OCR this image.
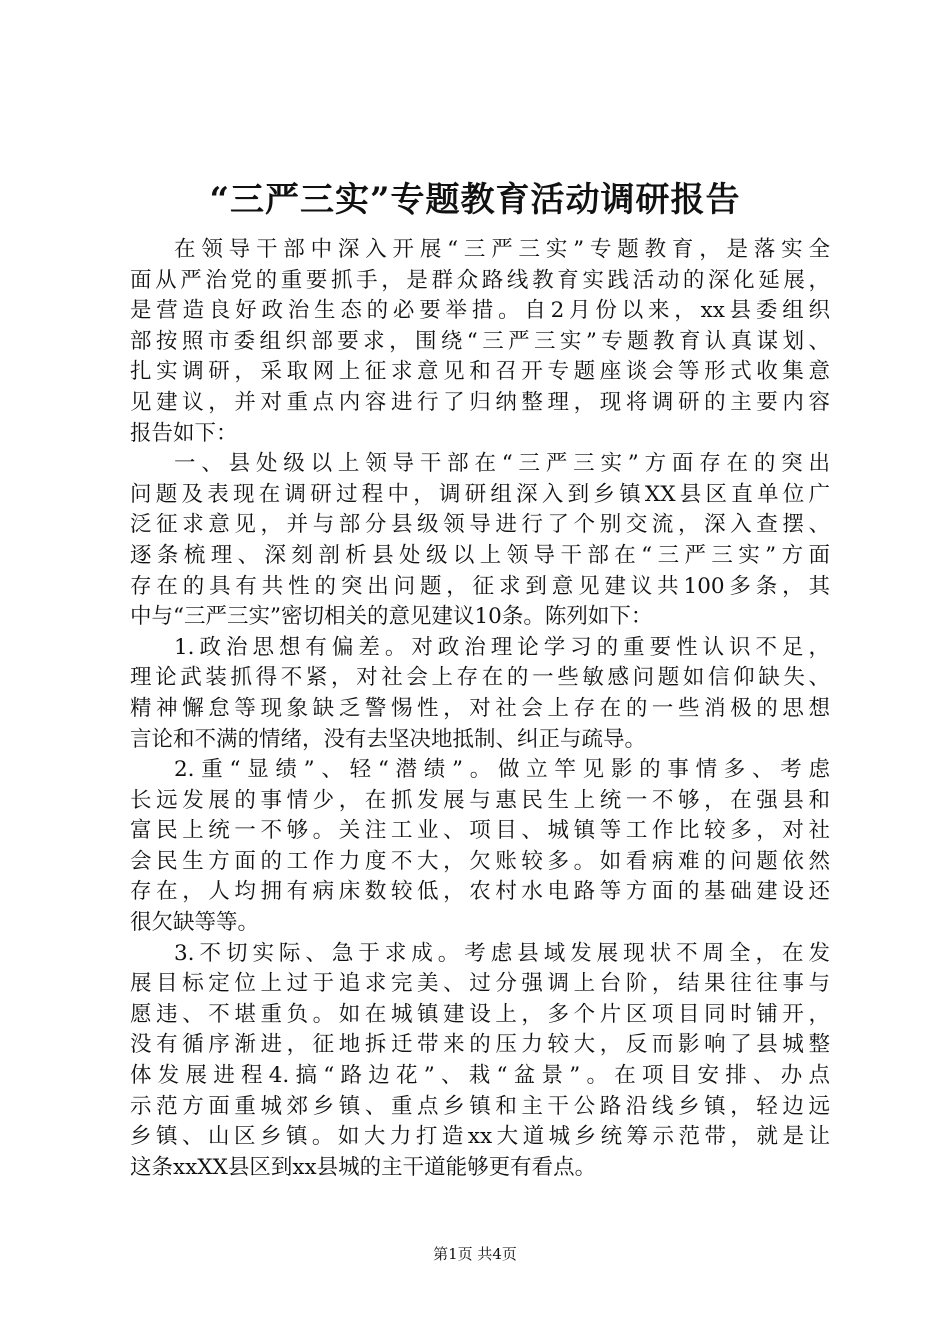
“三严三实”专题教育活动调研报告
在领导干部中深入开展“三严三实”专题教育，是落实全
面从严治党的重要抓手，是群众路线教育实践活动的深化延展，
是营造良好政治生态的必要举措。自2月份以来，xx县委组织
部按照市委组织部要求，围绕“三严三实”专题教育认真谋划、
扎实调研，采取网上征求意见和召开专题座谈会等形式收集意
见建议，并对重点内容进行了归纳整理，现将调研的主要内容
报告如下：
一、县处级以上领导干部在“三严三实”方面存在的突出
问题及表现在调研过程中，调研组深入到乡镇XX县区直单位广
泛征求意见，并与部分县级领导进行了个别交流，深入查摆、
逐条梳理、深刻剖析县处级以上领导干部在“三严三实”方面
存在的具有共性的突出问题，征求到意见建议共100多条，其
中与“三严三实”密切相关的意见建议10条。陈列如下：
1.政治思想有偏差。对政治理论学习的重要性认识不足，
理论武装抓得不紧，对社会上存在的一些敏感问题如信仰缺失、
精神懈怠等现象缺乏警惕性，对社会上存在的一些消极的思想
言论和不满的情绪，没有去坚决地抵制、纠正与疏导。
2.重“显绩”、轻“潜绩”。做立竿见影的事情多、考虑
长远发展的事情少，在抓发展与惠民生上统一不够，在强县和
富民上统一不够。关注工业、项目、城镇等工作比较多，对社
会民生方面的工作力度不大，欠账较多。如看病难的问题依然
存在，人均拥有病床数较低，农村水电路等方面的基础建设还
很欠缺等等。
3.不切实际、急于求成。考虑县域发展现状不周全，在发
展目标定位上过于追求完美、过分强调上台阶，结果往往事与
愿违、不堪重负。如在城镇建设上，多个片区项目同时铺开，
没有循序渐进，征地拆迁带来的压力较大，反而影响了县城整
体发展进程4.搞“路边花”、栽“盆景”。在项目安排、办点
示范方面重城郊乡镇、重点乡镇和主干公路沿线乡镇，轻边远
乡镇、山区乡镇。如大力打造xx大道城乡统筹示范带，就是让
这条xxXX县区到xx县城的主干道能够更有看点。
第1页 共4页
